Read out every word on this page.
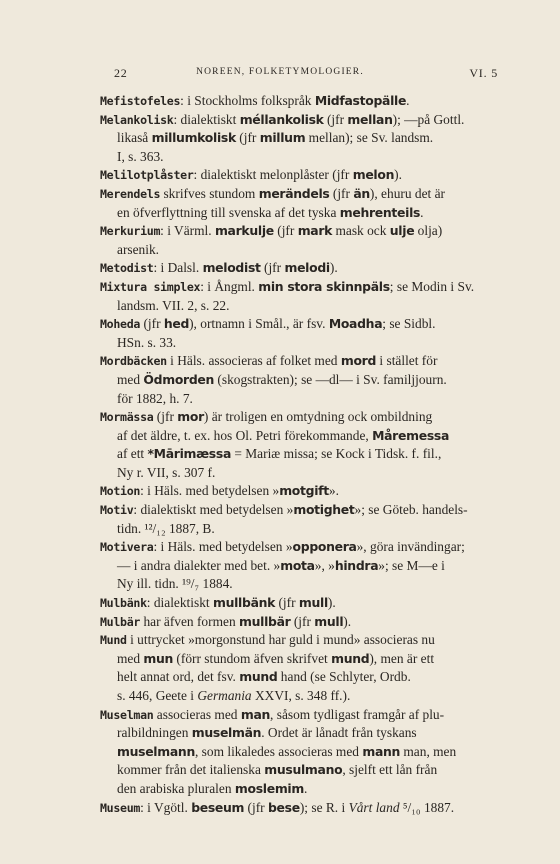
22	NOREEN, FOLKETYMOLOGIER.	VI. 5
Mefistofeles: i Stockholms folkspråk Midfastopälle.
Melankolisk: dialektiskt méllankolisk (jfr mellan); —på Gottl.
likaså millumkolisk (jfr millum mellan); se Sv. landsm.
I, s. 363.
Melilotplåster: dialektiskt melonplåster (jfr melon).
Merendels skrifves stundom merändels (jfr än), ehuru det är
en öfverflyttning till svenska af det tyska mehrenteils.
Merkurium: i Värml. markulje (jfr mark mask ock ulje olja)
arsenik.
Metodist: i Dalsl. melodist (jfr melodi).
Mixtura simplex: i Ångml. min stora skinnpäls; se Modin i Sv.
landsm. VII. 2, s. 22.
Moheda (jfr hed), ortnamn i Smål., är fsv. Moadha; se Sidbl.
HSn. s. 33.
Mordbäcken i Häls. associeras af folket med mord i stället för
med Ödmorden (skogstrakten); se —dl— i Sv. familjjourn.
för 1882, h. 7.
Mormässa (jfr mor) är troligen en omtydning ock ombildning
af det äldre, t. ex. hos Ol. Petri förekommande, Måremessa
af ett *Mārimæssa = Mariæ missa; se Kock i Tidsk. f. fil.,
Ny r. VII, s. 307 f.
Motion: i Häls. med betydelsen »motgift».
Motiv: dialektiskt med betydelsen »motighet»; se Göteb. handels-
tidn. ¹²/₁₂ 1887, B.
Motivera: i Häls. med betydelsen »opponera», göra invändingar;
— i andra dialekter med bet. »mota», »hindra»; se M—e i
Ny ill. tidn. ¹⁹/₇ 1884.
Mulbänk: dialektiskt mullbänk (jfr mull).
Mulbär har äfven formen mullbär (jfr mull).
Mund i uttrycket »morgonstund har guld i mund» associeras nu
med mun (förr stundom äfven skrifvet mund), men är ett
helt annat ord, det fsv. mund hand (se Schlyter, Ordb.
s. 446, Geete i Germania XXVI, s. 348 ff.).
Muselman associeras med man, såsom tydligast framgår af plu-
ralbildningen muselmän. Ordet är lånadt från tyskans
muselmann, som likaledes associeras med mann man, men
kommer från det italienska musulmano, sjelft ett lån från
den arabiska pluralen moslemim.
Museum: i Vgötl. beseum (jfr bese); se R. i Vårt land ⁵/₁₀ 1887.
